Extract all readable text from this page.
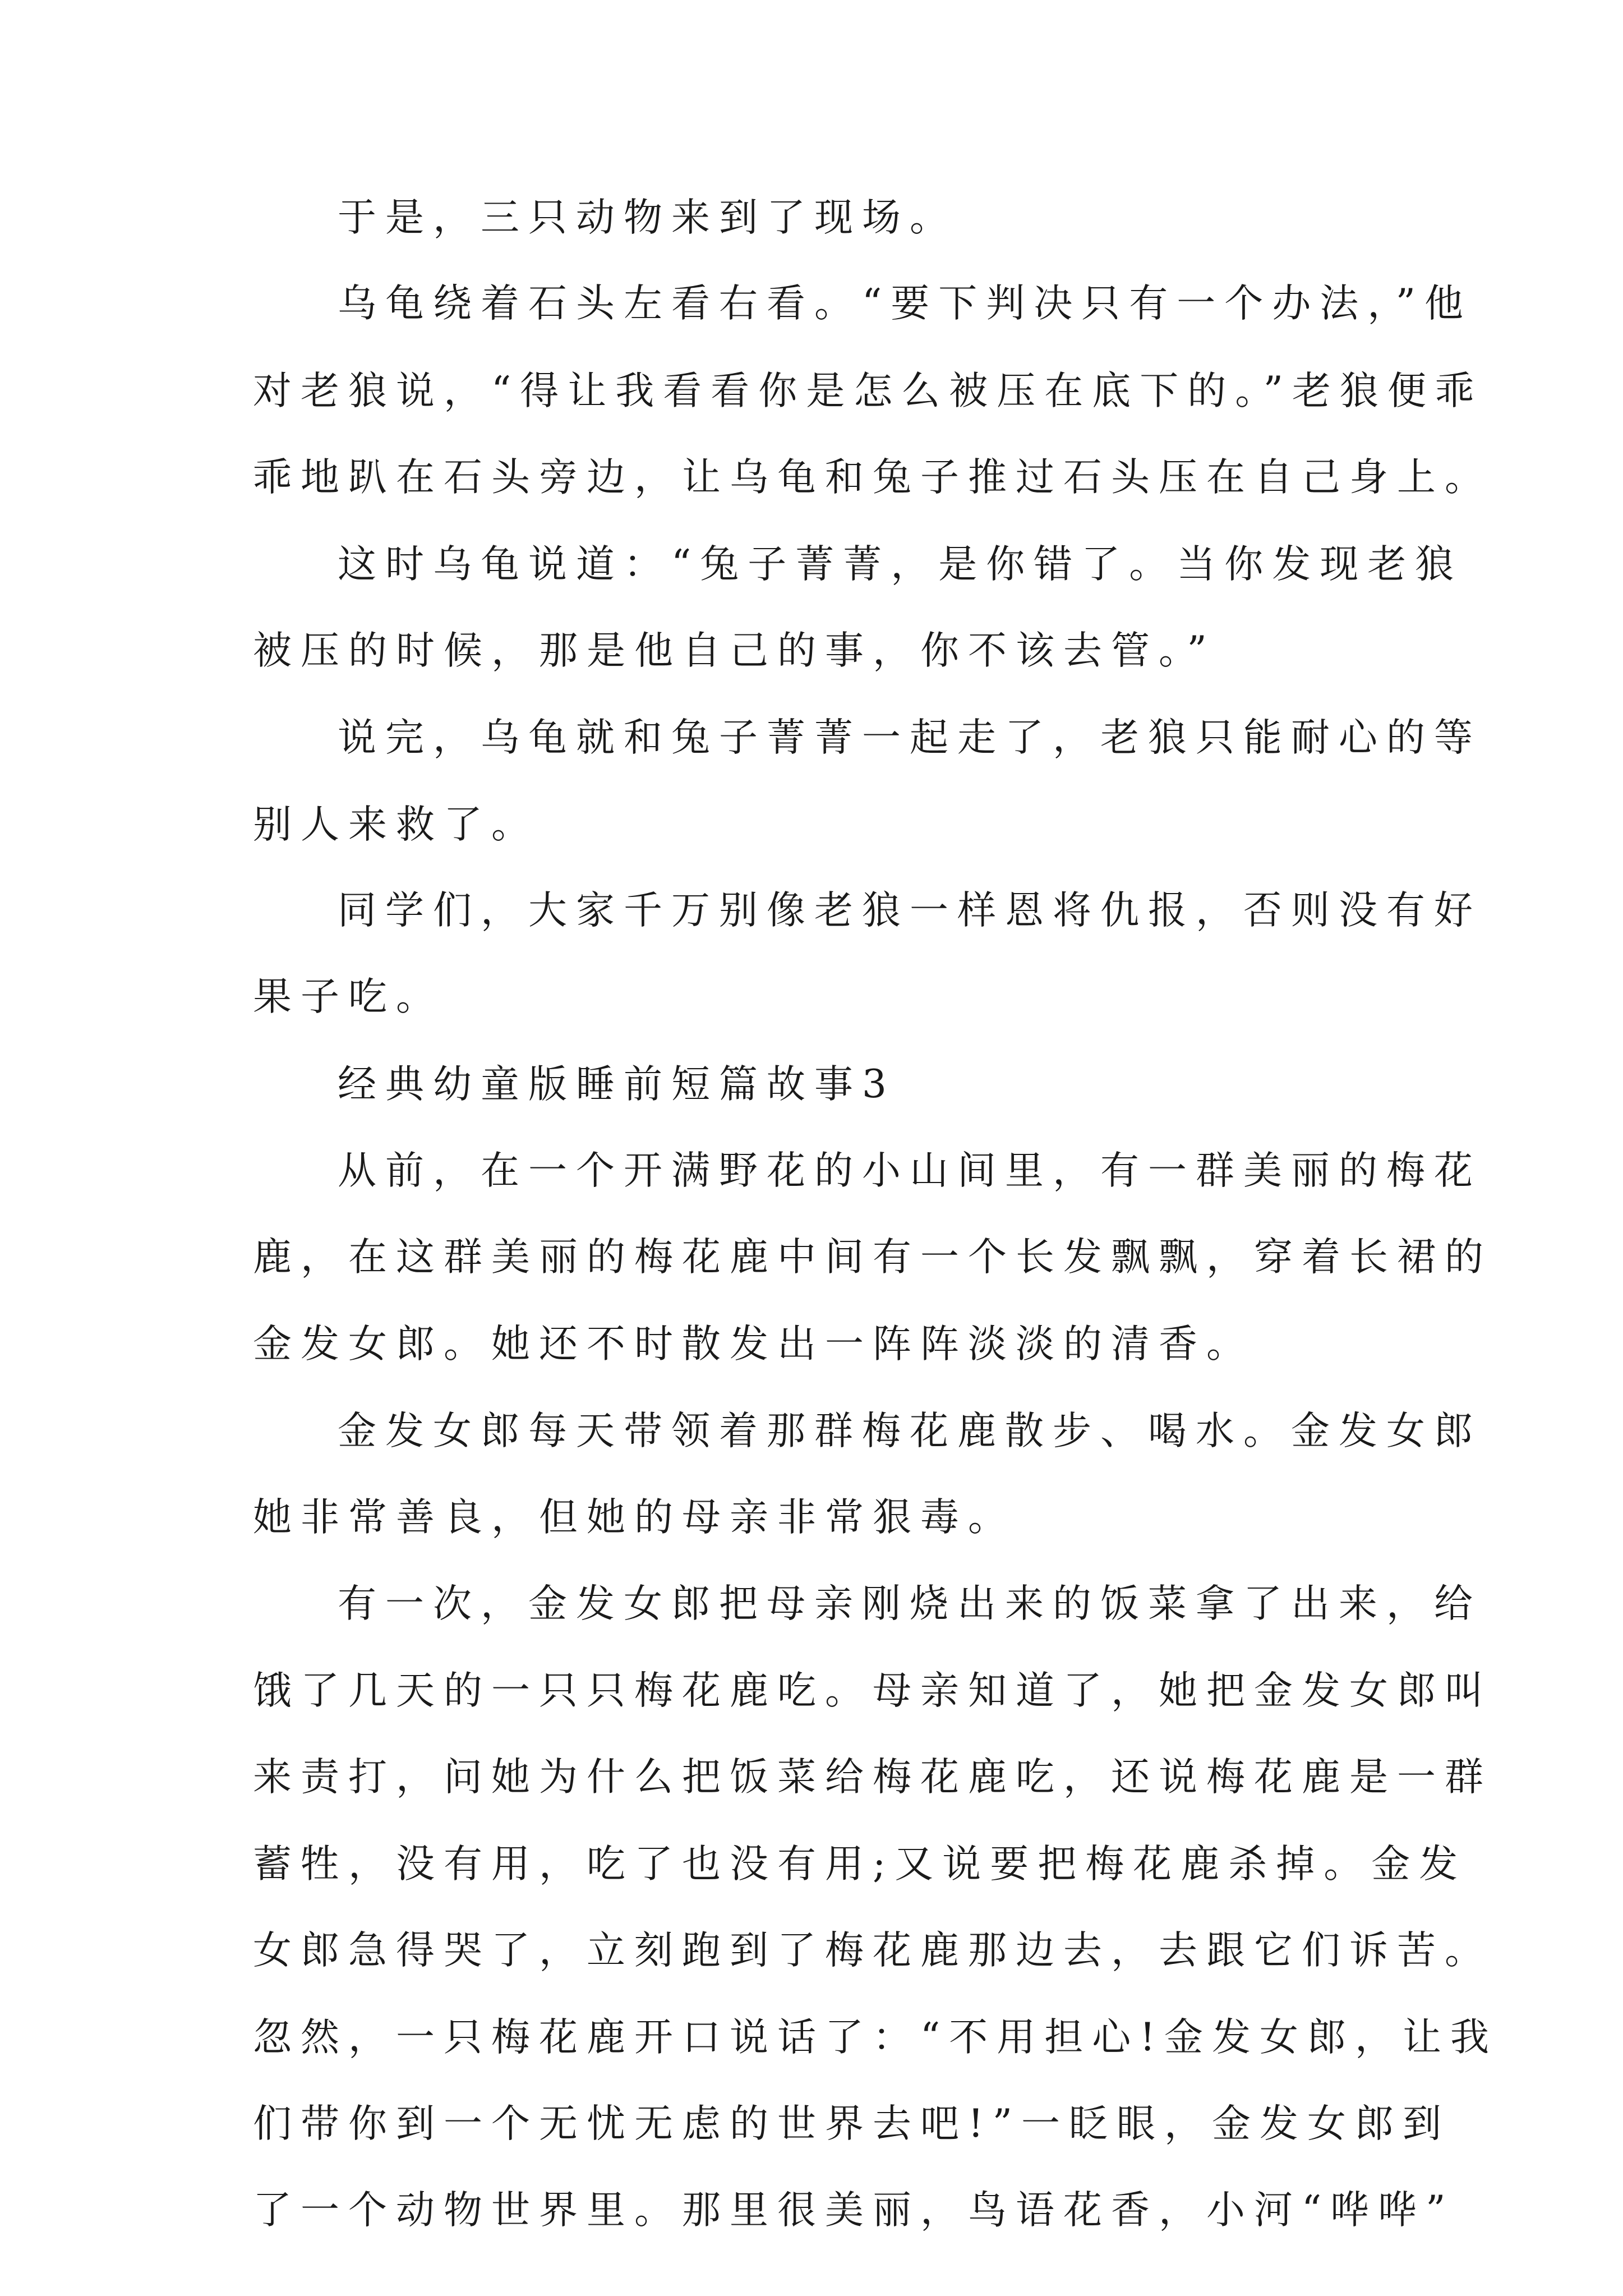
于是，三只动物来到了现场。
乌龟绕着石头左看右看。“要下判决只有一个办法，”他
对老狼说，“得让我看看你是怎么被压在底下的。”老狼便乖
乖地趴在石头旁边，让乌龟和兔子推过石头压在自己身上。
这时乌龟说道：“兔子菁菁，是你错了。当你发现老狼
被压的时候，那是他自己的事，你不该去管。”
说完，乌龟就和兔子菁菁一起走了，老狼只能耐心的等
别人来救了。
同学们，大家千万别像老狼一样恩将仇报，否则没有好
果子吃。
经典幼童版睡前短篇故事3
从前，在一个开满野花的小山间里，有一群美丽的梅花
鹿，在这群美丽的梅花鹿中间有一个长发飘飘，穿着长裙的
金发女郎。她还不时散发出一阵阵淡淡的清香。
金发女郎每天带领着那群梅花鹿散步、喝水。金发女郎
她非常善良，但她的母亲非常狠毒。
有一次，金发女郎把母亲刚烧出来的饭菜拿了出来，给
饿了几天的一只只梅花鹿吃。母亲知道了，她把金发女郎叫
来责打，问她为什么把饭菜给梅花鹿吃，还说梅花鹿是一群
蓄牲，没有用，吃了也没有用;又说要把梅花鹿杀掉。金发
女郎急得哭了，立刻跑到了梅花鹿那边去，去跟它们诉苦。
忽然，一只梅花鹿开口说话了：“不用担心!金发女郎，让我
们带你到一个无忧无虑的世界去吧!”一眨眼，金发女郎到
了一个动物世界里。那里很美丽，鸟语花香，小河“哗哗”
